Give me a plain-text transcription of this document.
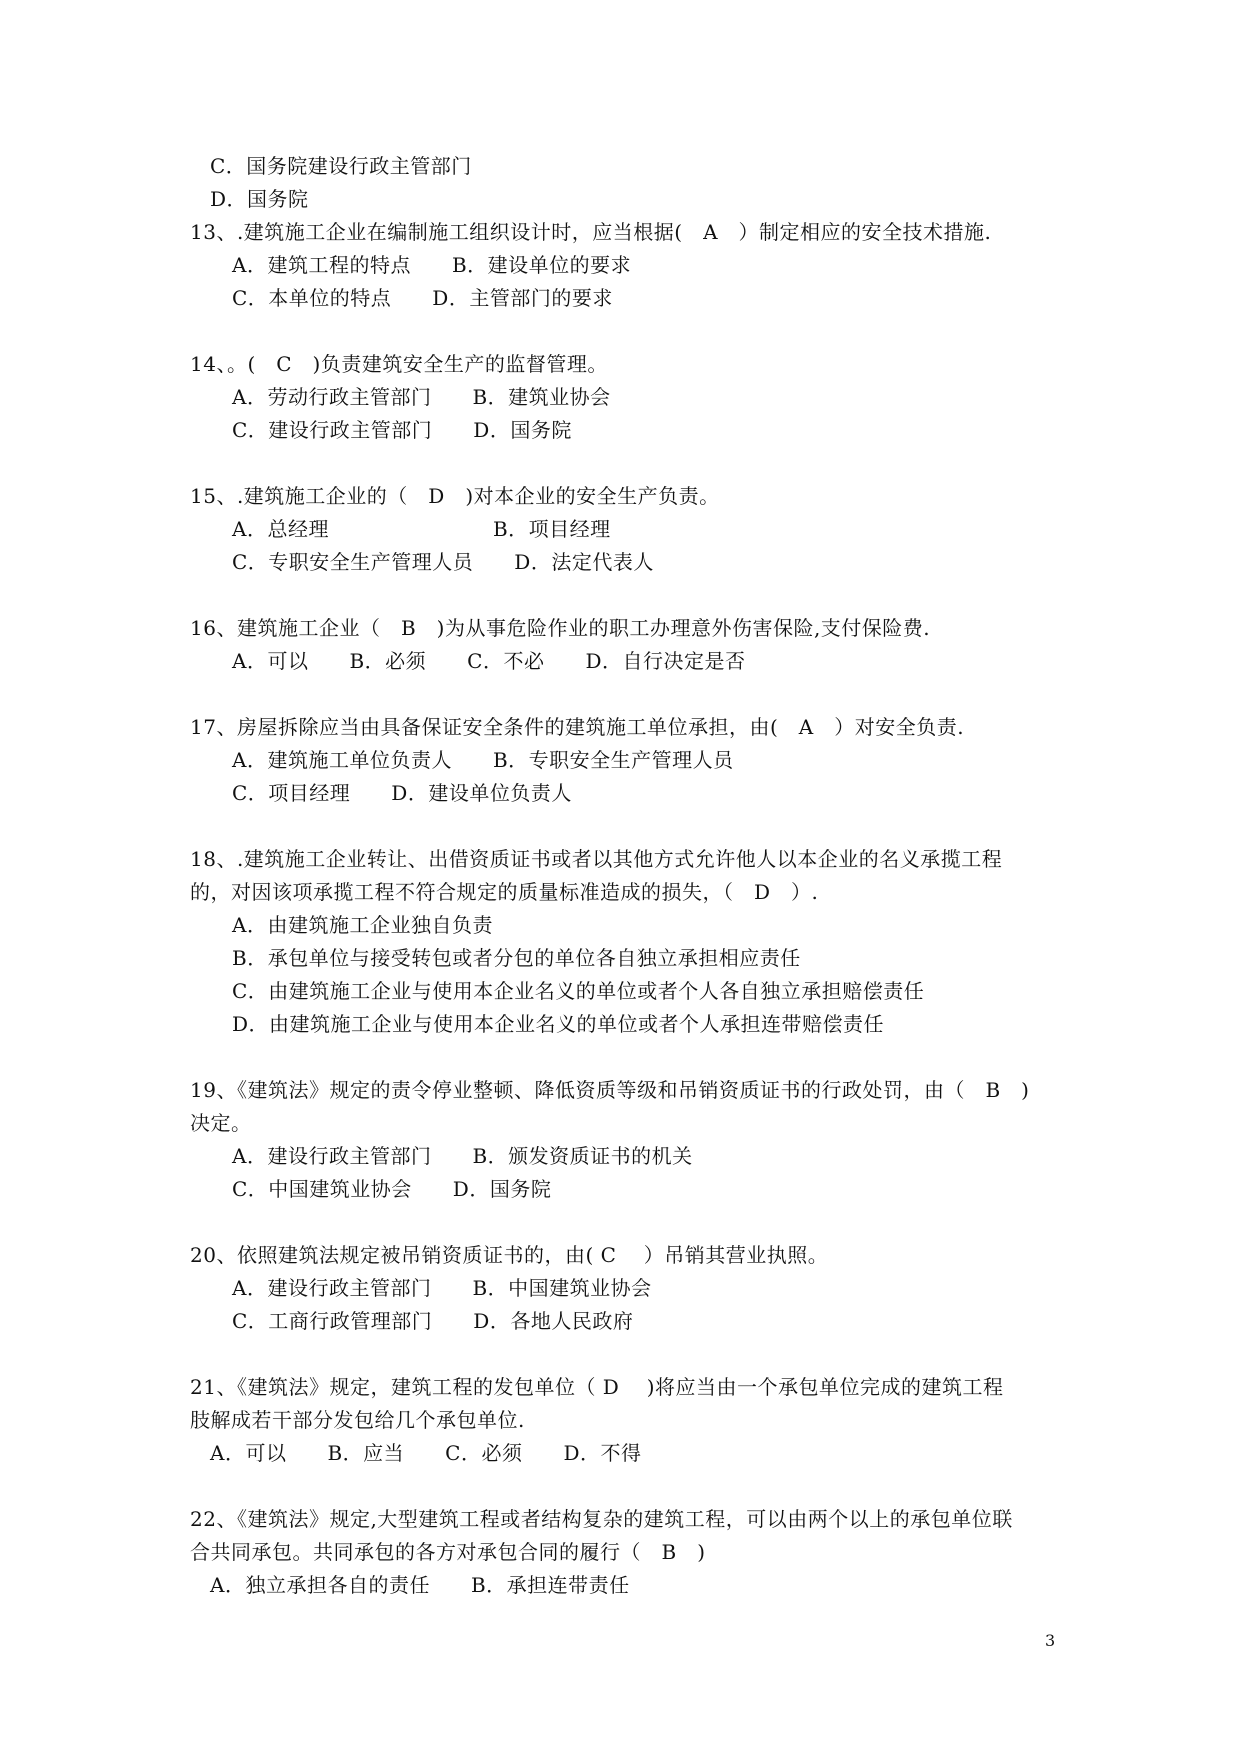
C．国务院建设行政主管部门
D．国务院
13、.建筑施工企业在编制施工组织设计时，应当根据(　A　）制定相应的安全技术措施.
A．建筑工程的特点　　B．建设单位的要求
C．本单位的特点　　D．主管部门的要求
14、。(　C　)负责建筑安全生产的监督管理。
A．劳动行政主管部门　　B．建筑业协会
C．建设行政主管部门　　D．国务院
15、.建筑施工企业的（　D　)对本企业的安全生产负责。
A．总经理　　　　　　　　B．项目经理
C．专职安全生产管理人员　　D．法定代表人
16、建筑施工企业（　B　)为从事危险作业的职工办理意外伤害保险,支付保险费.
A．可以　　B．必须　　C．不必　　D．自行决定是否
17、房屋拆除应当由具备保证安全条件的建筑施工单位承担，由(　A　）对安全负责.
A．建筑施工单位负责人　　B．专职安全生产管理人员
C．项目经理　　D．建设单位负责人
18、.建筑施工企业转让、出借资质证书或者以其他方式允许他人以本企业的名义承揽工程
的，对因该项承揽工程不符合规定的质量标准造成的损失，（　D　）.
A．由建筑施工企业独自负责
B．承包单位与接受转包或者分包的单位各自独立承担相应责任
C．由建筑施工企业与使用本企业名义的单位或者个人各自独立承担赔偿责任
D．由建筑施工企业与使用本企业名义的单位或者个人承担连带赔偿责任
19、《建筑法》规定的责令停业整顿、降低资质等级和吊销资质证书的行政处罚，由（　B　)
决定。
A．建设行政主管部门　　B．颁发资质证书的机关
C．中国建筑业协会　　D．国务院
20、依照建筑法规定被吊销资质证书的，由( C　 ）吊销其营业执照。
A．建设行政主管部门　　B．中国建筑业协会
C．工商行政管理部门　　D．各地人民政府
21、《建筑法》规定，建筑工程的发包单位（ D　 )将应当由一个承包单位完成的建筑工程
肢解成若干部分发包给几个承包单位.
A．可以　　B．应当　　C．必须　　D．不得
22、《建筑法》规定,大型建筑工程或者结构复杂的建筑工程，可以由两个以上的承包单位联
合共同承包。共同承包的各方对承包合同的履行（　B　)
A．独立承担各自的责任　　B．承担连带责任
3
